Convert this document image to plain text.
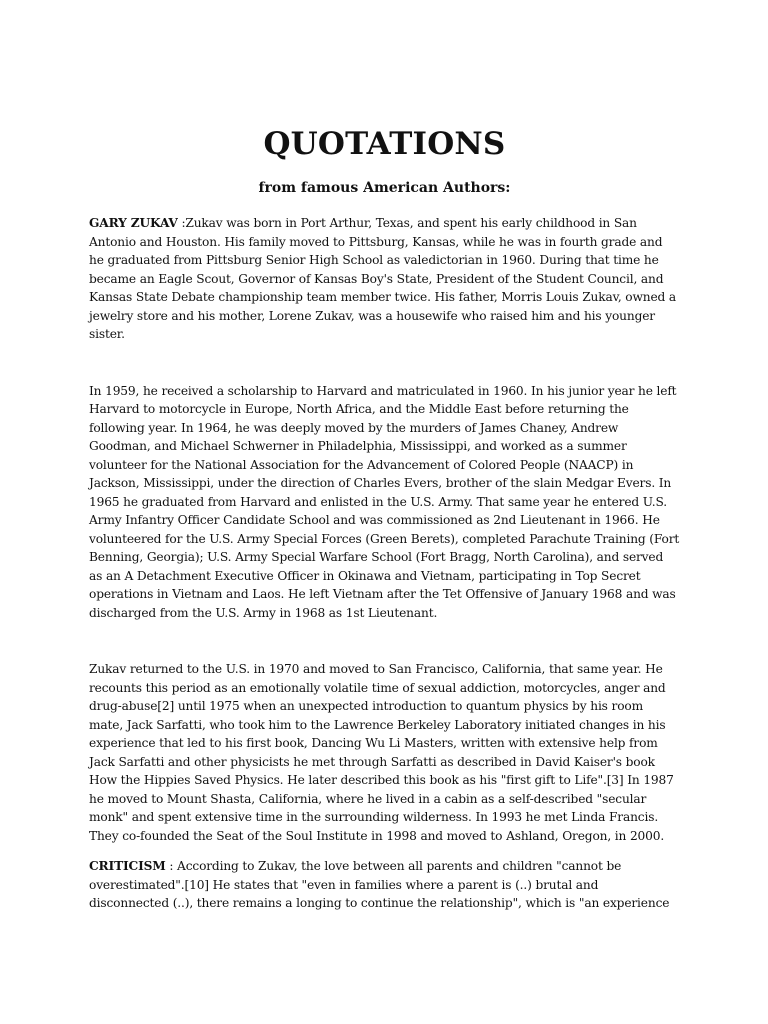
QUOTATIONS
from famous American Authors:

GARY ZUKAV :Zukav was born in Port Arthur, Texas, and spent his early childhood in San Antonio and Houston. His family moved to Pittsburg, Kansas, while he was in fourth grade and he graduated from Pittsburg Senior High School as valedictorian in 1960. During that time he became an Eagle Scout, Governor of Kansas Boy's State, President of the Student Council, and Kansas State Debate championship team member twice. His father, Morris Louis Zukav, owned a jewelry store and his mother, Lorene Zukav, was a housewife who raised him and his younger sister.

In 1959, he received a scholarship to Harvard and matriculated in 1960. In his junior year he left Harvard to motorcycle in Europe, North Africa, and the Middle East before returning the following year. In 1964, he was deeply moved by the murders of James Chaney, Andrew Goodman, and Michael Schwerner in Philadelphia, Mississippi, and worked as a summer volunteer for the National Association for the Advancement of Colored People (NAACP) in Jackson, Mississippi, under the direction of Charles Evers, brother of the slain Medgar Evers. In 1965 he graduated from Harvard and enlisted in the U.S. Army. That same year he entered U.S. Army Infantry Officer Candidate School and was commissioned as 2nd Lieutenant in 1966. He volunteered for the U.S. Army Special Forces (Green Berets), completed Parachute Training (Fort Benning, Georgia); U.S. Army Special Warfare School (Fort Bragg, North Carolina), and served as an A Detachment Executive Officer in Okinawa and Vietnam, participating in Top Secret operations in Vietnam and Laos. He left Vietnam after the Tet Offensive of January 1968 and was discharged from the U.S. Army in 1968 as 1st Lieutenant.

Zukav returned to the U.S. in 1970 and moved to San Francisco, California, that same year. He recounts this period as an emotionally volatile time of sexual addiction, motorcycles, anger and drug-abuse[2] until 1975 when an unexpected introduction to quantum physics by his room mate, Jack Sarfatti, who took him to the Lawrence Berkeley Laboratory initiated changes in his experience that led to his first book, Dancing Wu Li Masters, written with extensive help from Jack Sarfatti and other physicists he met through Sarfatti as described in David Kaiser's book How the Hippies Saved Physics. He later described this book as his "first gift to Life".[3] In 1987 he moved to Mount Shasta, California, where he lived in a cabin as a self-described "secular monk" and spent extensive time in the surrounding wilderness. In 1993 he met Linda Francis. They co-founded the Seat of the Soul Institute in 1998 and moved to Ashland, Oregon, in 2000.

CRITICISM : According to Zukav, the love between all parents and children "cannot be overestimated".[10] He states that "even in families where a parent is (..) brutal and disconnected (..), there remains a longing to continue the relationship", which is "an experience
